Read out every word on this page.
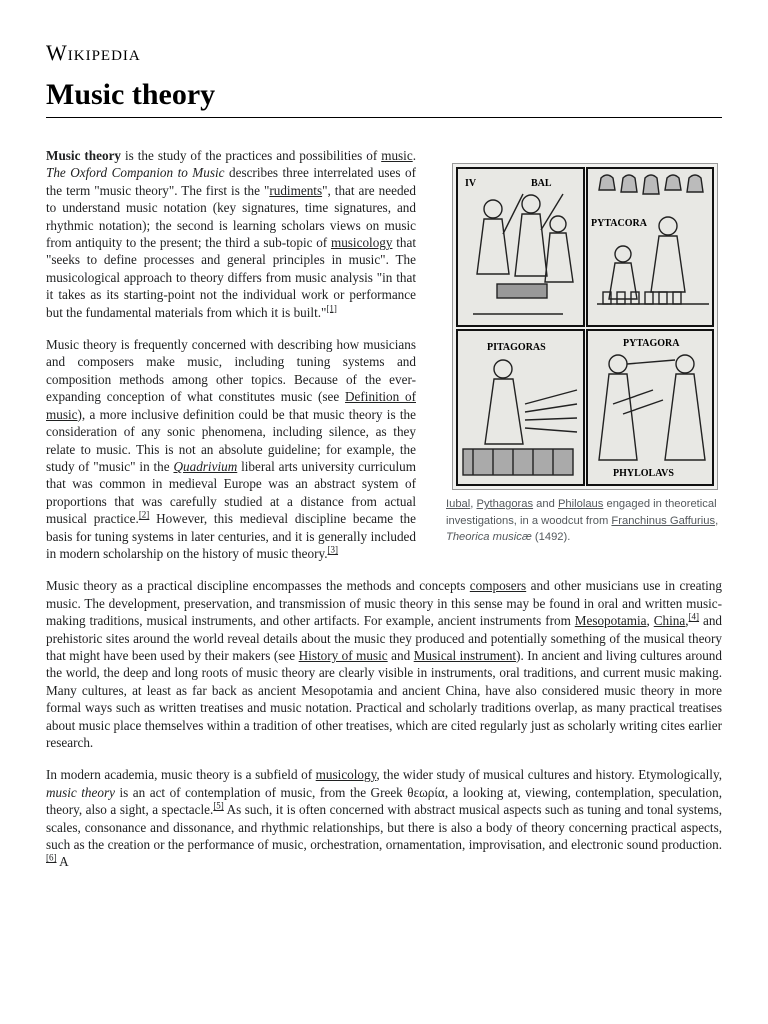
Wikipedia
Music theory
IV	BAL
PYTACORA
PITAGORAS	PYTAGORA
PHYLOLAVS
Iubal, Pythagoras and Philolaus engaged in theoretical investigations, in a woodcut from Franchinus Gaffurius, Theorica musicæ (1492).

Music theory is the study of the practices and possibilities of music. The Oxford Companion to Music describes three interrelated uses of the term "music theory". The first is the "rudiments", that are needed to understand music notation (key signatures, time signatures, and rhythmic notation); the second is learning scholars views on music from antiquity to the present; the third a sub-topic of musicology that "seeks to define processes and general principles in music". The musicological approach to theory differs from music analysis "in that it takes as its starting-point not the individual work or performance but the fundamental materials from which it is built."[1]

Music theory is frequently concerned with describing how musicians and composers make music, including tuning systems and composition methods among other topics. Because of the ever-expanding conception of what constitutes music (see Definition of music), a more inclusive definition could be that music theory is the consideration of any sonic phenomena, including silence, as they relate to music. This is not an absolute guideline; for example, the study of "music" in the Quadrivium liberal arts university curriculum that was common in medieval Europe was an abstract system of proportions that was carefully studied at a distance from actual musical practice.[2] However, this medieval discipline became the basis for tuning systems in later centuries, and it is generally included in modern scholarship on the history of music theory.[3]

Music theory as a practical discipline encompasses the methods and concepts composers and other musicians use in creating music. The development, preservation, and transmission of music theory in this sense may be found in oral and written music-making traditions, musical instruments, and other artifacts. For example, ancient instruments from Mesopotamia, China,[4] and prehistoric sites around the world reveal details about the music they produced and potentially something of the musical theory that might have been used by their makers (see History of music and Musical instrument). In ancient and living cultures around the world, the deep and long roots of music theory are clearly visible in instruments, oral traditions, and current music making. Many cultures, at least as far back as ancient Mesopotamia and ancient China, have also considered music theory in more formal ways such as written treatises and music notation. Practical and scholarly traditions overlap, as many practical treatises about music place themselves within a tradition of other treatises, which are cited regularly just as scholarly writing cites earlier research.

In modern academia, music theory is a subfield of musicology, the wider study of musical cultures and history. Etymologically, music theory is an act of contemplation of music, from the Greek θεωρία, a looking at, viewing, contemplation, speculation, theory, also a sight, a spectacle.[5] As such, it is often concerned with abstract musical aspects such as tuning and tonal systems, scales, consonance and dissonance, and rhythmic relationships, but there is also a body of theory concerning practical aspects, such as the creation or the performance of music, orchestration, ornamentation, improvisation, and electronic sound production.[6] A
